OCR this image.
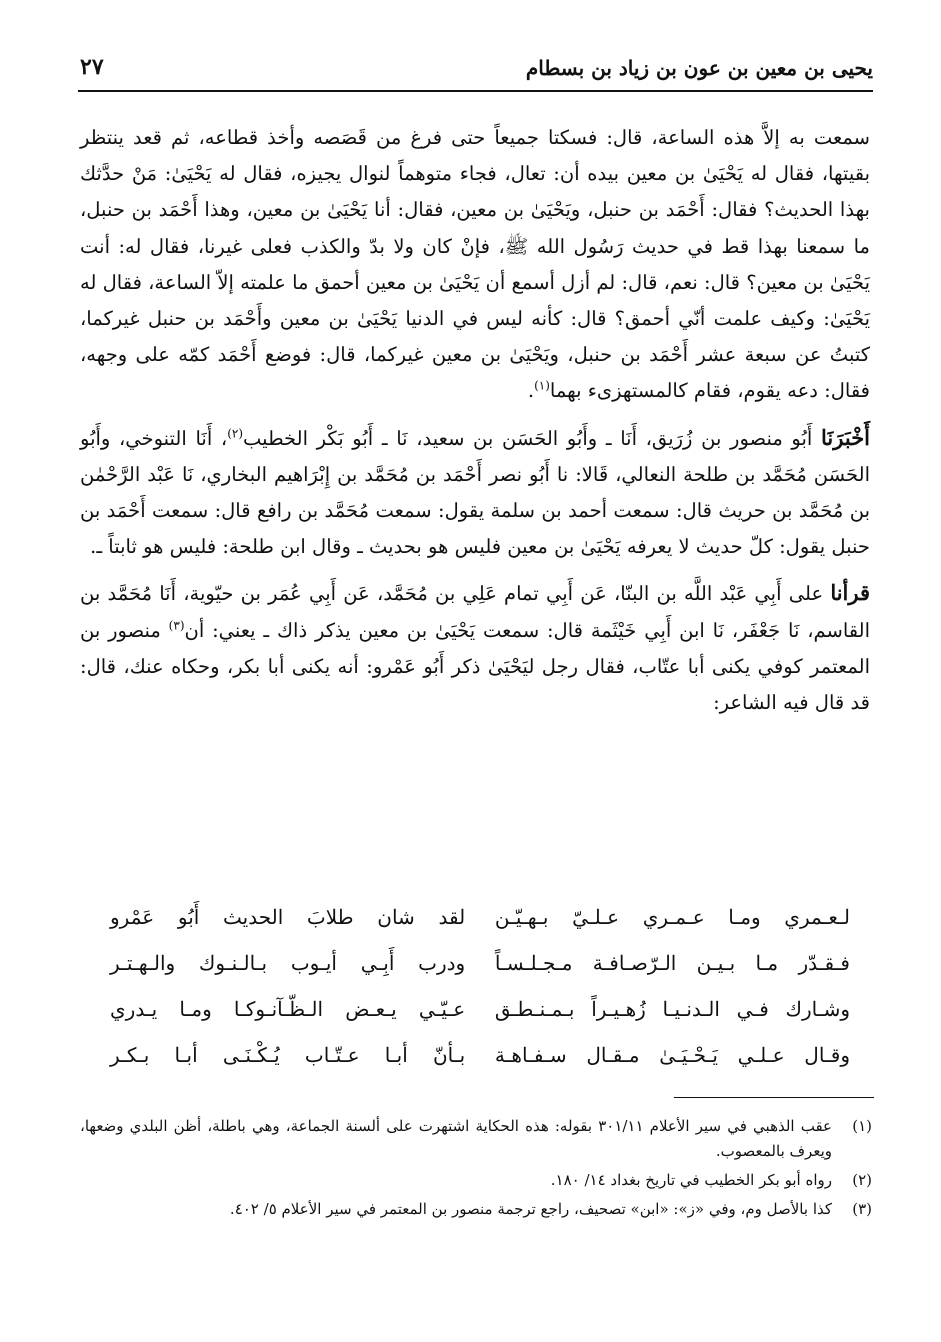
يحيى بن معين بن عون بن زياد بن بسطام
٢٧

سمعت به إلاَّ هذه الساعة، قال: فسكتا جميعاً حتى فرغ من قَصَصه وأخذ قطاعه، ثم قعد ينتظر بقيتها، فقال له يَحْيَىٰ بن معين بيده أن: تعال، فجاء متوهماً لنوال يجيزه، فقال له يَحْيَىٰ: مَنْ حدَّثك بهذا الحديث؟ فقال: أَحْمَد بن حنبل، ويَحْيَىٰ بن معين، فقال: أنا يَحْيَىٰ بن معين، وهذا أَحْمَد بن حنبل، ما سمعنا بهذا قط في حديث رَسُول الله ﷺ، فإنْ كان ولا بدّ والكذب فعلى غيرنا، فقال له: أنت يَحْيَىٰ بن معين؟ قال: نعم، قال: لم أزل أسمع أن يَحْيَىٰ بن معين أحمق ما علمته إلاّ الساعة، فقال له يَحْيَىٰ: وكيف علمت أنّي أحمق؟ قال: كأنه ليس في الدنيا يَحْيَىٰ بن معين وأَحْمَد بن حنبل غيركما، كتبتُ عن سبعة عشر أَحْمَد بن حنبل، ويَحْيَىٰ بن معين غيركما، قال: فوضع أَحْمَد كمّه على وجهه، فقال: دعه يقوم، فقام كالمستهزىء بهما$^{(١)}$.

أَخْبَرَنَا أَبُو منصور بن زُرَيق، أَنَا ـ وأَبُو الحَسَن بن سعيد، نَا ـ أَبُو بَكْر الخطيب$^{(٢)}$، أَنَا التنوخي، وأَبُو الحَسَن مُحَمَّد بن طلحة النعالي، قَالا: نا أَبُو نصر أَحْمَد بن مُحَمَّد بن إِبْرَاهيم البخاري، نَا عَبْد الرَّحْمٰن بن مُحَمَّد بن حريث قال: سمعت أحمد بن سلمة يقول: سمعت مُحَمَّد بن رافع قال: سمعت أَحْمَد بن حنبل يقول: كلّ حديث لا يعرفه يَحْيَىٰ بن معين فليس هو بحديث ـ وقال ابن طلحة: فليس هو ثابتاً ـ.

قرأنا على أَبِي عَبْد اللَّه بن البنّا، عَن أَبِي تمام عَلِي بن مُحَمَّد، عَن أَبِي عُمَر بن حيّوية، أَنَا مُحَمَّد بن القاسم، نَا جَعْفَر، نَا ابن أَبِي خَيْثَمة قال: سمعت يَحْيَىٰ بن معين يذكر ذاك ـ يعني: أن$^{(٣)}$ منصور بن المعتمر كوفي يكنى أبا عتّاب، فقال رجل ليَحْيَىٰ ذكر أَبُو عَمْرو: أنه يكنى أبا بكر، وحكاه عنك، قال: قد قال فيه الشاعر:

لـعـمري ومـا عـمـري عـلـيّ بـهـيّـن
لقد شان طلابَ الحديث أَبُو عَمْرو
فـقـدّر مـا بـيـن الـرّصـافـة مـجـلـسـاً
ودرب أَبِـي أيـوب بـالـنـوك والـهـتـر
وشـارك فـي الـدنـيـا زُهـيـراً بـمـنـطـق
عـيّـي يـعـض الـظّـآنـوكـا ومـا يـدري
وقـال عـلـي يَـحْـيَـىٰ مـقـال سـفـاهـة
بـأنّ أبـا عـتّـاب يُـكْـنَـى أبـا بـكـر
(١)
عقب الذهبي في سير الأعلام ٣٠١/١١ بقوله: هذه الحكاية اشتهرت على ألسنة الجماعة، وهي باطلة، أظن البلدي وضعها، ويعرف بالمعصوب.
(٢)
رواه أبو بكر الخطيب في تاريخ بغداد ١٤/ ١٨٠.
(٣)
كذا بالأصل وم، وفي «ز»: «ابن» تصحيف، راجع ترجمة منصور بن المعتمر في سير الأعلام ٥/ ٤٠٢.
